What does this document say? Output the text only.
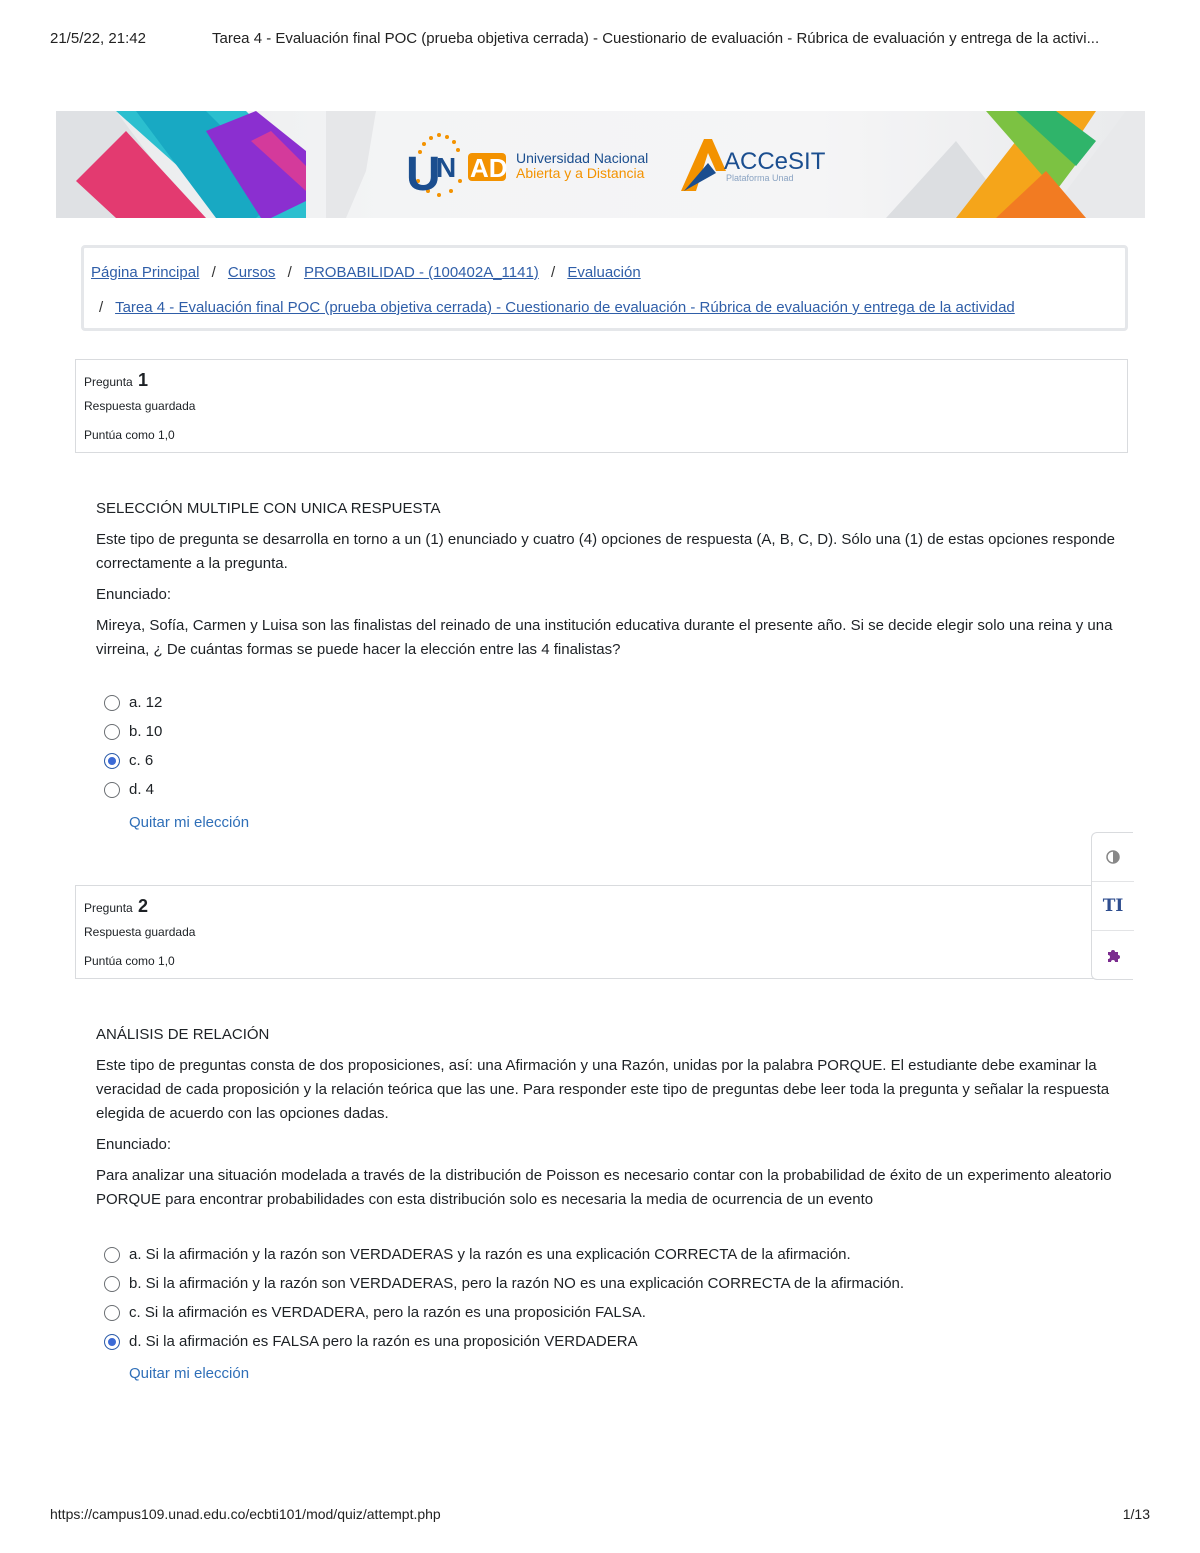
21/5/22, 21:42	Tarea 4 - Evaluación final POC (prueba objetiva cerrada) - Cuestionario de evaluación - Rúbrica de evaluación y entrega de la activi...
U
N AD Universidad Nacional
Abierta y a Distancia	ACCeSIT
Plataforma Unad
Página Principal / Cursos / PROBABILIDAD - (100402A_1141) / Evaluación
/ Tarea 4 - Evaluación final POC (prueba objetiva cerrada) - Cuestionario de evaluación - Rúbrica de evaluación y entrega de la actividad
Pregunta 1
Respuesta guardada
Puntúa como 1,0

SELECCIÓN MULTIPLE CON UNICA RESPUESTA

Este tipo de pregunta se desarrolla en torno a un (1) enunciado y cuatro (4) opciones de respuesta (A, B, C, D). Sólo una (1) de estas opciones responde correctamente a la pregunta.

Enunciado:

Mireya, Sofía, Carmen y Luisa son las finalistas del reinado de una institución educativa durante el presente año. Si se decide elegir solo una reina y una virreina, ¿ De cuántas formas se puede hacer la elección entre las 4 finalistas?

a. 12
b. 10
c. 6
d. 4
Quitar mi elección
Pregunta 2
Respuesta guardada
Puntúa como 1,0
TI

ANÁLISIS DE RELACIÓN

Este tipo de preguntas consta de dos proposiciones, así: una Afirmación y una Razón, unidas por la palabra PORQUE. El estudiante debe examinar la veracidad de cada proposición y la relación teórica que las une. Para responder este tipo de preguntas debe leer toda la pregunta y señalar la respuesta elegida de acuerdo con las opciones dadas.

Enunciado:

Para analizar una situación modelada a través de la distribución de Poisson es necesario contar con la probabilidad de éxito de un experimento aleatorio PORQUE para encontrar probabilidades con esta distribución solo es necesaria la media de ocurrencia de un evento

a. Si la afirmación y la razón son VERDADERAS y la razón es una explicación CORRECTA de la afirmación.
b. Si la afirmación y la razón son VERDADERAS, pero la razón NO es una explicación CORRECTA de la afirmación.
c. Si la afirmación es VERDADERA, pero la razón es una proposición FALSA.
d. Si la afirmación es FALSA pero la razón es una proposición VERDADERA
Quitar mi elección
https://campus109.unad.edu.co/ecbti101/mod/quiz/attempt.php	1/13
